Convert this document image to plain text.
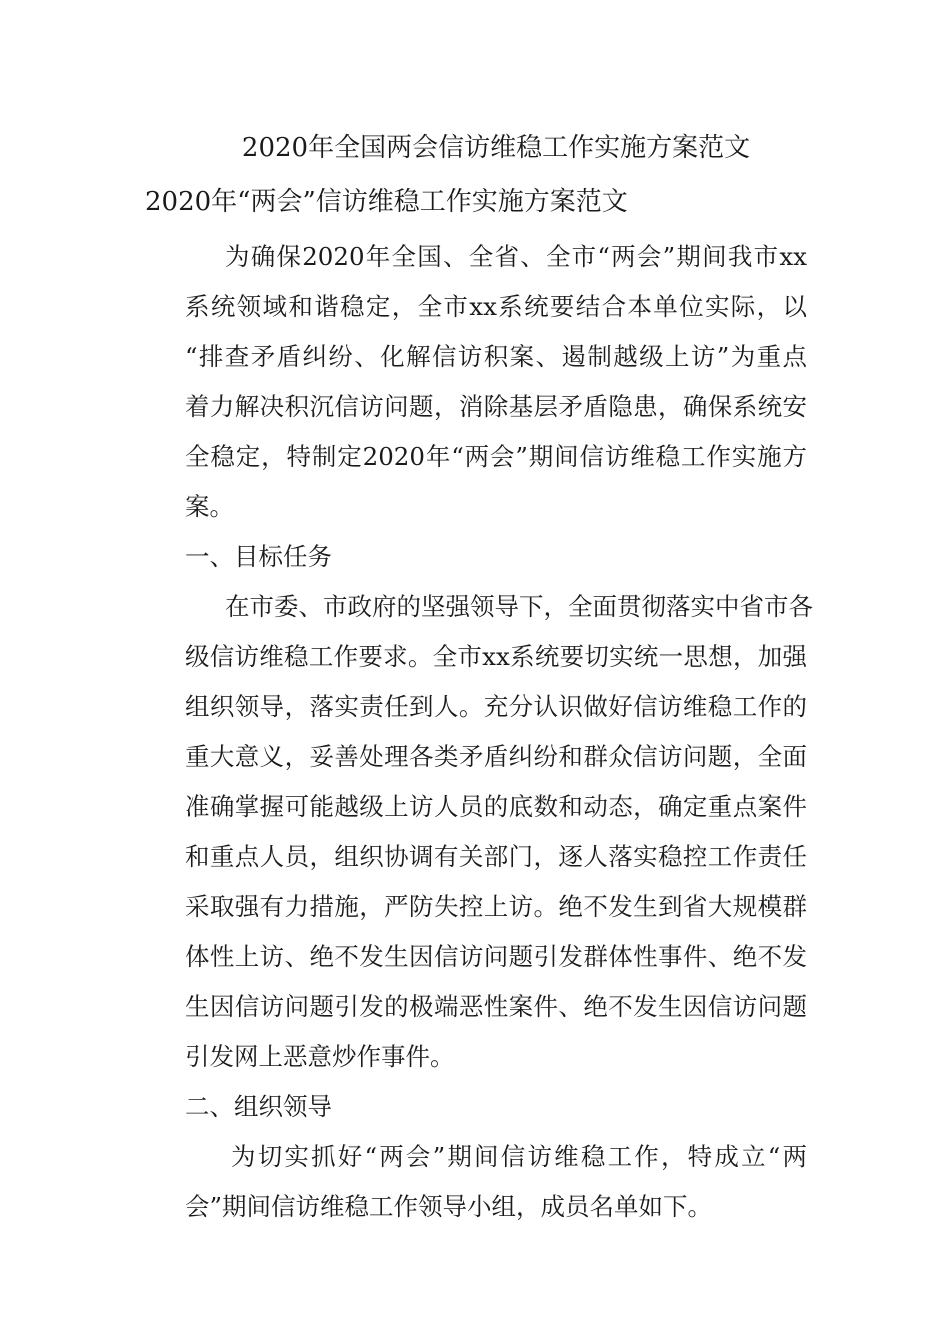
2020年全国两会信访维稳工作实施方案范文
2020年“两会”信访维稳工作实施方案范文
为确保2020年全国、全省、全市“两会”期间我市xx
系统领域和谐稳定，全市xx系统要结合本单位实际，以
“排查矛盾纠纷、化解信访积案、遏制越级上访”为重点
着力解决积沉信访问题，消除基层矛盾隐患，确保系统安
全稳定，特制定2020年“两会”期间信访维稳工作实施方
案。
一、目标任务
在市委、市政府的坚强领导下，全面贯彻落实中省市各
级信访维稳工作要求。全市xx系统要切实统一思想，加强
组织领导，落实责任到人。充分认识做好信访维稳工作的
重大意义，妥善处理各类矛盾纠纷和群众信访问题，全面
准确掌握可能越级上访人员的底数和动态，确定重点案件
和重点人员，组织协调有关部门，逐人落实稳控工作责任
采取强有力措施，严防失控上访。绝不发生到省大规模群
体性上访、绝不发生因信访问题引发群体性事件、绝不发
生因信访问题引发的极端恶性案件、绝不发生因信访问题
引发网上恶意炒作事件。
二、组织领导
为切实抓好“两会”期间信访维稳工作，特成立“两
会”期间信访维稳工作领导小组，成员名单如下。
